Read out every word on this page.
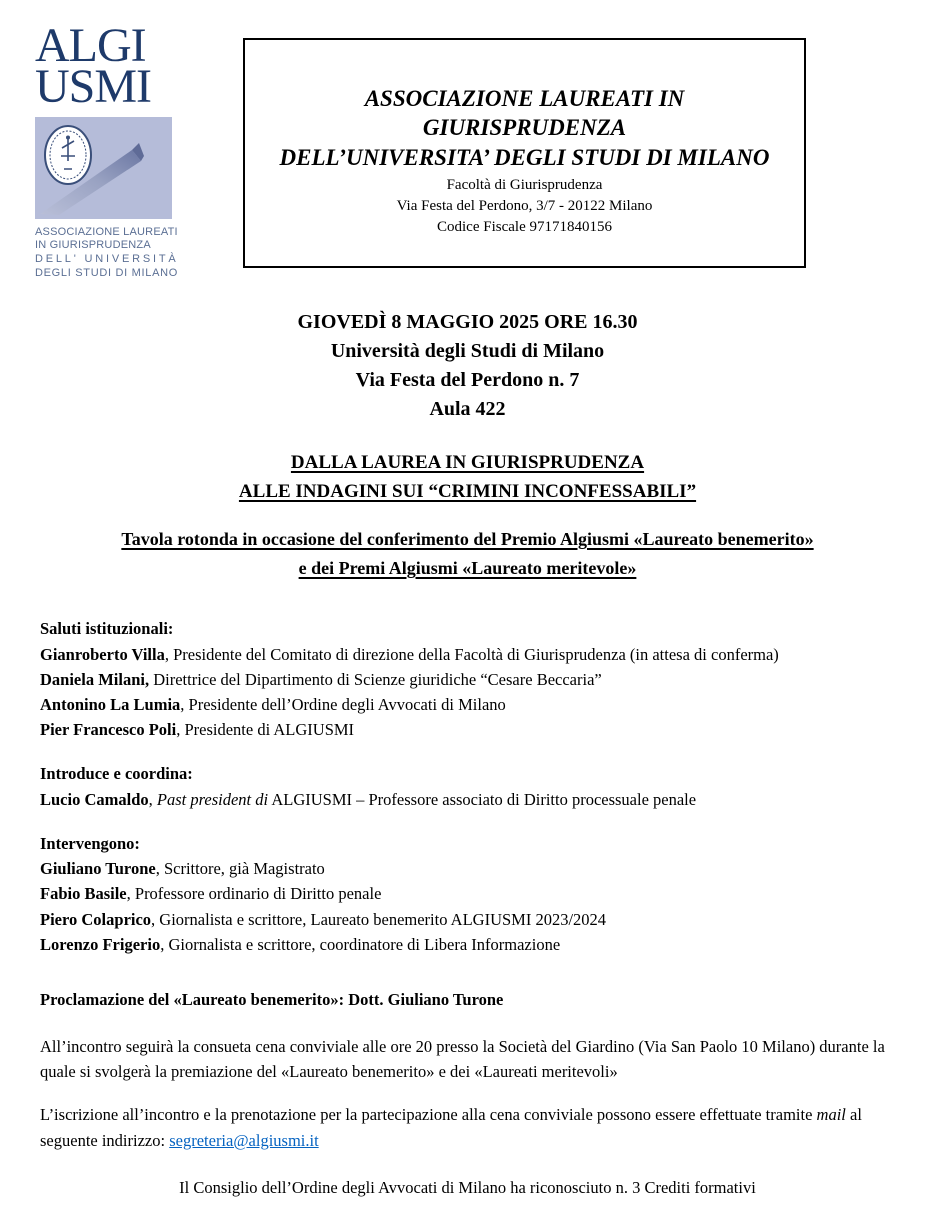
ALGI
USMI
ASSOCIAZIONE LAUREATI
IN GIURISPRUDENZA
DELL' UNIVERSITÀ
DEGLI STUDI DI MILANO
ASSOCIAZIONE LAUREATI IN
GIURISPRUDENZA
DELL’UNIVERSITA’ DEGLI STUDI DI MILANO
Facoltà di Giurisprudenza
Via Festa del Perdono, 3/7 - 20122 Milano
Codice Fiscale 97171840156
GIOVEDÌ 8 MAGGIO 2025 ORE 16.30
Università degli Studi di Milano
Via Festa del Perdono n. 7
Aula 422
DALLA LAUREA IN GIURISPRUDENZA
ALLE INDAGINI SUI “CRIMINI INCONFESSABILI”
Tavola rotonda in occasione del conferimento del Premio Algiusmi «Laureato benemerito»
e dei Premi Algiusmi «Laureato meritevole»
Saluti istituzionali:
Gianroberto Villa, Presidente del Comitato di direzione della Facoltà di Giurisprudenza (in attesa di conferma)
Daniela Milani, Direttrice del Dipartimento di Scienze giuridiche “Cesare Beccaria”
Antonino La Lumia, Presidente dell’Ordine degli Avvocati di Milano
Pier Francesco Poli, Presidente di ALGIUSMI
Introduce e coordina:
Lucio Camaldo, Past president di ALGIUSMI – Professore associato di Diritto processuale penale
Intervengono:
Giuliano Turone, Scrittore, già Magistrato
Fabio Basile, Professore ordinario di Diritto penale
Piero Colaprico, Giornalista e scrittore, Laureato benemerito ALGIUSMI 2023/2024
Lorenzo Frigerio, Giornalista e scrittore, coordinatore di Libera Informazione
Proclamazione del «Laureato benemerito»: Dott. Giuliano Turone
All’incontro seguirà la consueta cena conviviale alle ore 20 presso la Società del Giardino (Via San Paolo 10 Milano) durante la quale si svolgerà la premiazione del «Laureato benemerito» e dei «Laureati meritevoli»
L’iscrizione all’incontro e la prenotazione per la partecipazione alla cena conviviale possono essere effettuate tramite mail al seguente indirizzo: segreteria@algiusmi.it
Il Consiglio dell’Ordine degli Avvocati di Milano ha riconosciuto n. 3 Crediti formativi
